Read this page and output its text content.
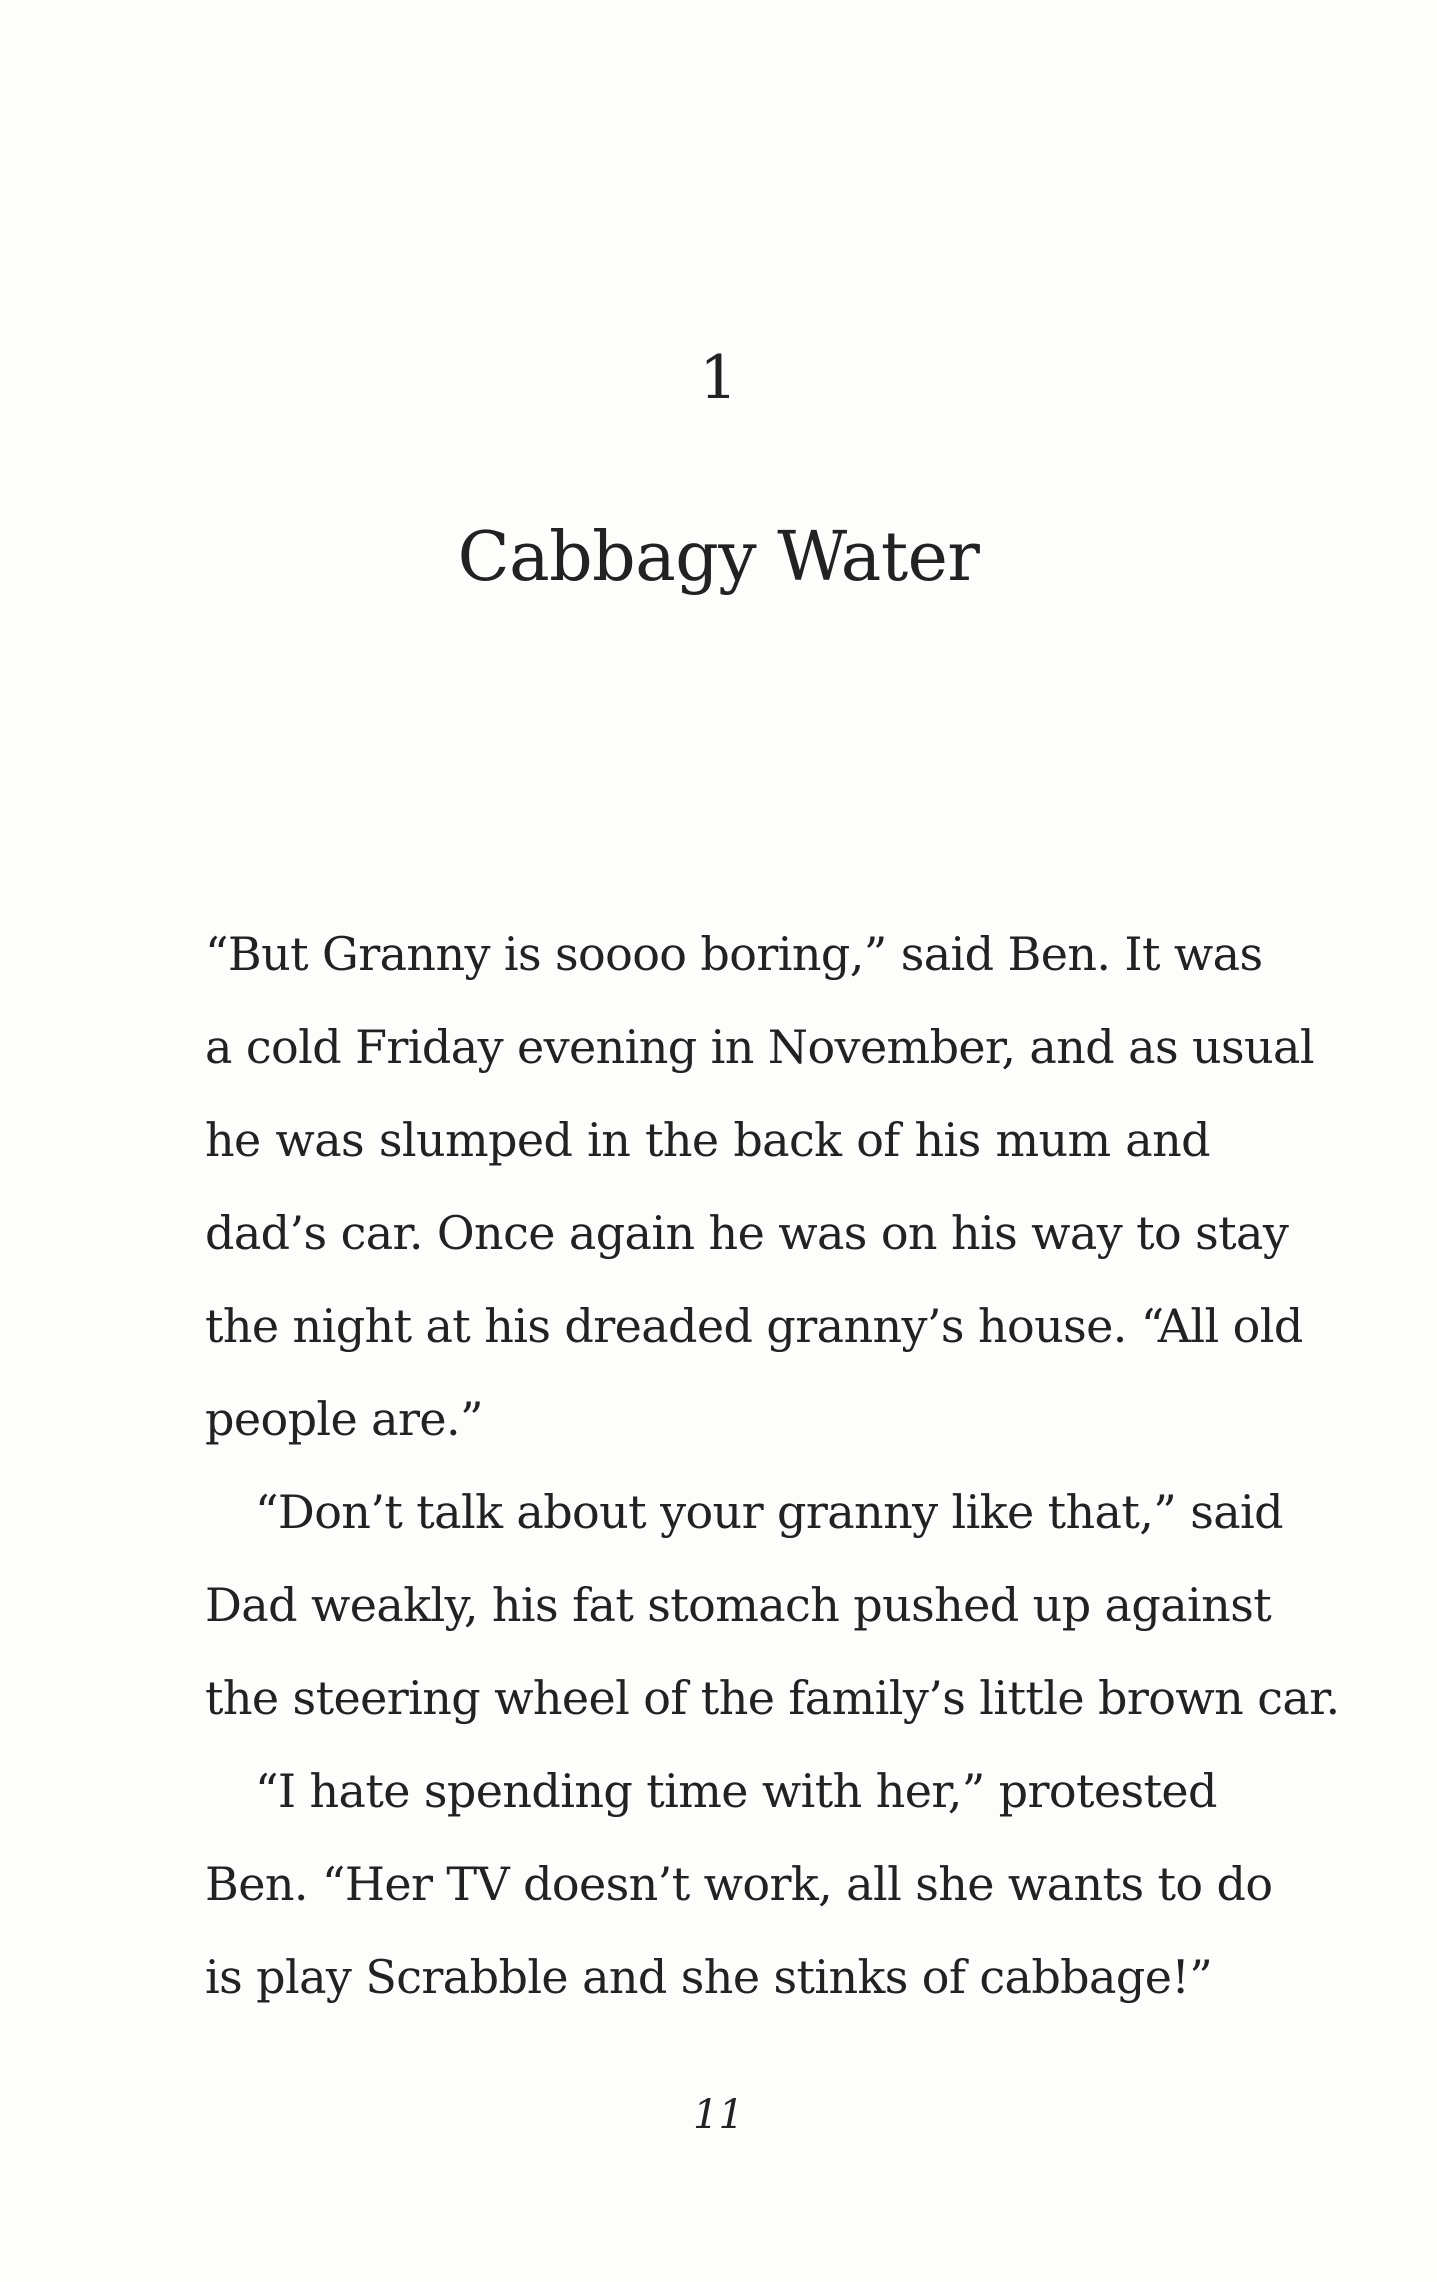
1
Cabbagy Water
“But Granny is soooo boring,” said Ben. It was
a cold Friday evening in November, and as usual
he was slumped in the back of his mum and
dad’s car. Once again he was on his way to stay
the night at his dreaded granny’s house. “All old
people are.”
“Don’t talk about your granny like that,” said
Dad weakly, his fat stomach pushed up against
the steering wheel of the family’s little brown car.
“I hate spending time with her,” protested
Ben. “Her TV doesn’t work, all she wants to do
is play Scrabble and she stinks of cabbage!”
11
